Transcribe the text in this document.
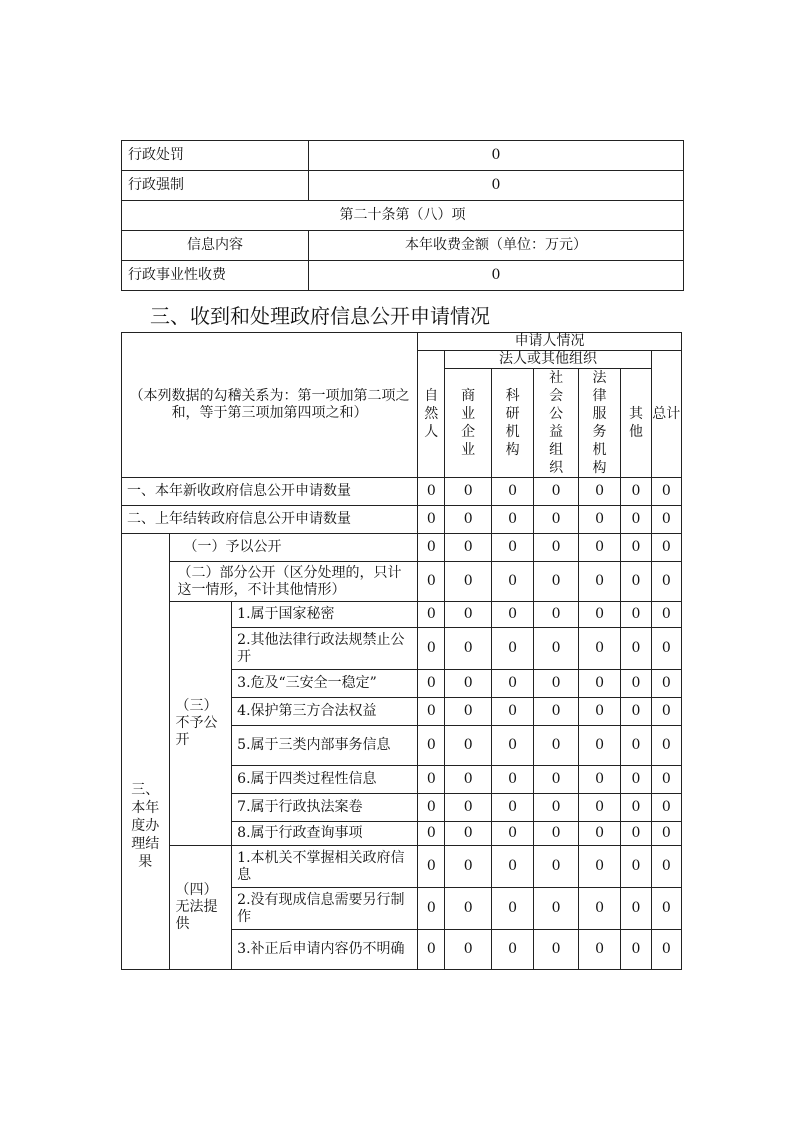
行政处罚	0
行政强制	0
第二十条第（八）项	
信息内容	本年收费金额（单位：万元）
行政事业性收费	0
三、收到和处理政府信息公开申请情况
（本列数据的勾稽关系为：第一项加第二项之和，等于第三项加第四项之和）			申请人情况						
			自然人	法人或其他组织					总计
				商业企业	科研机构	社会公益组织	法律服务机构	其他	
一、本年新收政府信息公开申请数量			0	0	0	0	0	0	0
二、上年结转政府信息公开申请数量			0	0	0	0	0	0	0
三、本年度办理结果	（一）予以公开		0	0	0	0	0	0	0
	（二）部分公开（区分处理的，只计这一情形，不计其他情形）		0	0	0	0	0	0	0
	（三）不予公开	1.属于国家秘密	0	0	0	0	0	0	0
		2.其他法律行政法规禁止公开	0	0	0	0	0	0	0
		3.危及“三安全一稳定”	0	0	0	0	0	0	0
		4.保护第三方合法权益	0	0	0	0	0	0	0
		5.属于三类内部事务信息	0	0	0	0	0	0	0
		6.属于四类过程性信息	0	0	0	0	0	0	0
		7.属于行政执法案卷	0	0	0	0	0	0	0
		8.属于行政查询事项	0	0	0	0	0	0	0
	（四）无法提供	1.本机关不掌握相关政府信息	0	0	0	0	0	0	0
		2.没有现成信息需要另行制作	0	0	0	0	0	0	0
		3.补正后申请内容仍不明确	0	0	0	0	0	0	0
